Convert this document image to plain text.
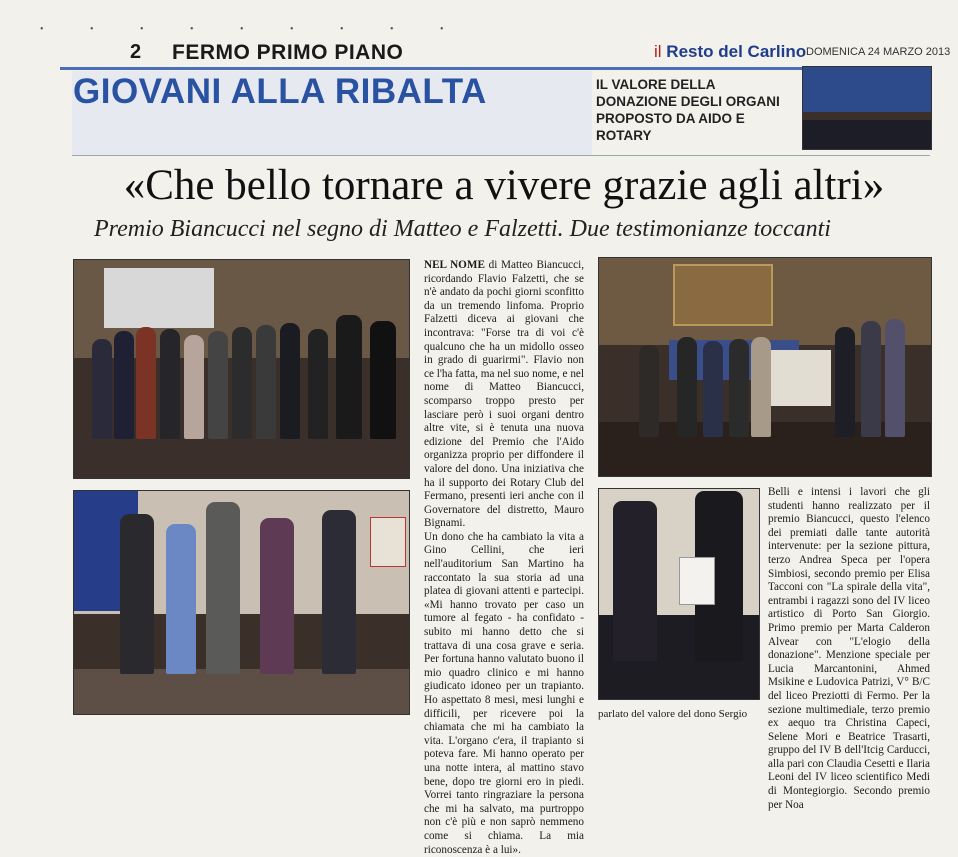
• • • • • • • • •
2 FERMO PRIMO PIANO	il Resto del Carlino DOMENICA 24 MARZO 2013
GIOVANI ALLA RIBALTA	IL VALORE DELLA DONAZIONE DEGLI ORGANI PROPOSTO DA AIDO E ROTARY
«Che bello tornare a vivere grazie agli altri»
Premio Biancucci nel segno di Matteo e Falzetti. Due testimonianze toccanti
NEL NOME di Matteo Biancucci, ricordando Flavio Falzetti, che se n'è andato da pochi giorni sconfitto da un tremendo linfoma. Proprio Falzetti diceva ai giovani che incontrava: "Forse tra di voi c'è qualcuno che ha un midollo osseo in grado di guarirmi". Flavio non ce l'ha fatta, ma nel suo nome, e nel nome di Matteo Biancucci, scomparso troppo presto per lasciare però i suoi organi dentro altre vite, si è tenuta una nuova edizione del Premio che l'Aido organizza proprio per diffondere il valore del dono. Una iniziativa che ha il supporto dei Rotary Club del Fermano, presenti ieri anche con il Governatore del distretto, Mauro Bignami.
Un dono che ha cambiato la vita a Gino Cellini, che ieri nell'auditorium San Martino ha raccontato la sua storia ad una platea di giovani attenti e partecipi. «Mi hanno trovato per caso un tumore al fegato - ha confidato - subito mi hanno detto che si trattava di una cosa grave e seria. Per fortuna hanno valutato buono il mio quadro clinico e mi hanno giudicato idoneo per un trapianto. Ho aspettato 8 mesi, mesi lunghi e difficili, per ricevere poi la chiamata che mi ha cambiato la vita. L'organo c'era, il trapianto si poteva fare. Mi hanno operato per una notte intera, al mattino stavo bene, dopo tre giorni ero in piedi. Vorrei tanto ringraziare la persona che mi ha salvato, ma purtroppo non c'è più e non saprò nemmeno come si chiama. La mia riconoscenza è a lui».
Belli e intensi i lavori che gli studenti hanno realizzato per il premio Biancucci, questo l'elenco dei premiati dalle tante autorità intervenute: per la sezione pittura, terzo Andrea Speca per l'opera Simbiosi, secondo premio per Elisa Tacconi con "La spirale della vita", entrambi i ragazzi sono del IV liceo artistico di Porto San Giorgio. Primo premio per Marta Calderon Alvear con "L'elogio della donazione". Menzione speciale per Lucia Marcantonini, Ahmed Msikine e Ludovica Patrizi, V° B/C del liceo Preziotti di Fermo. Per la sezione multimediale, terzo premio ex aequo tra Christina Capeci, Selene Mori e Beatrice Trasarti, gruppo del IV B dell'Itcig Carducci, alla pari con Claudia Cesetti e Ilaria Leoni del IV liceo scientifico Medi di Montegiorgio. Secondo premio per Noa
parlato del valore del dono Sergio
